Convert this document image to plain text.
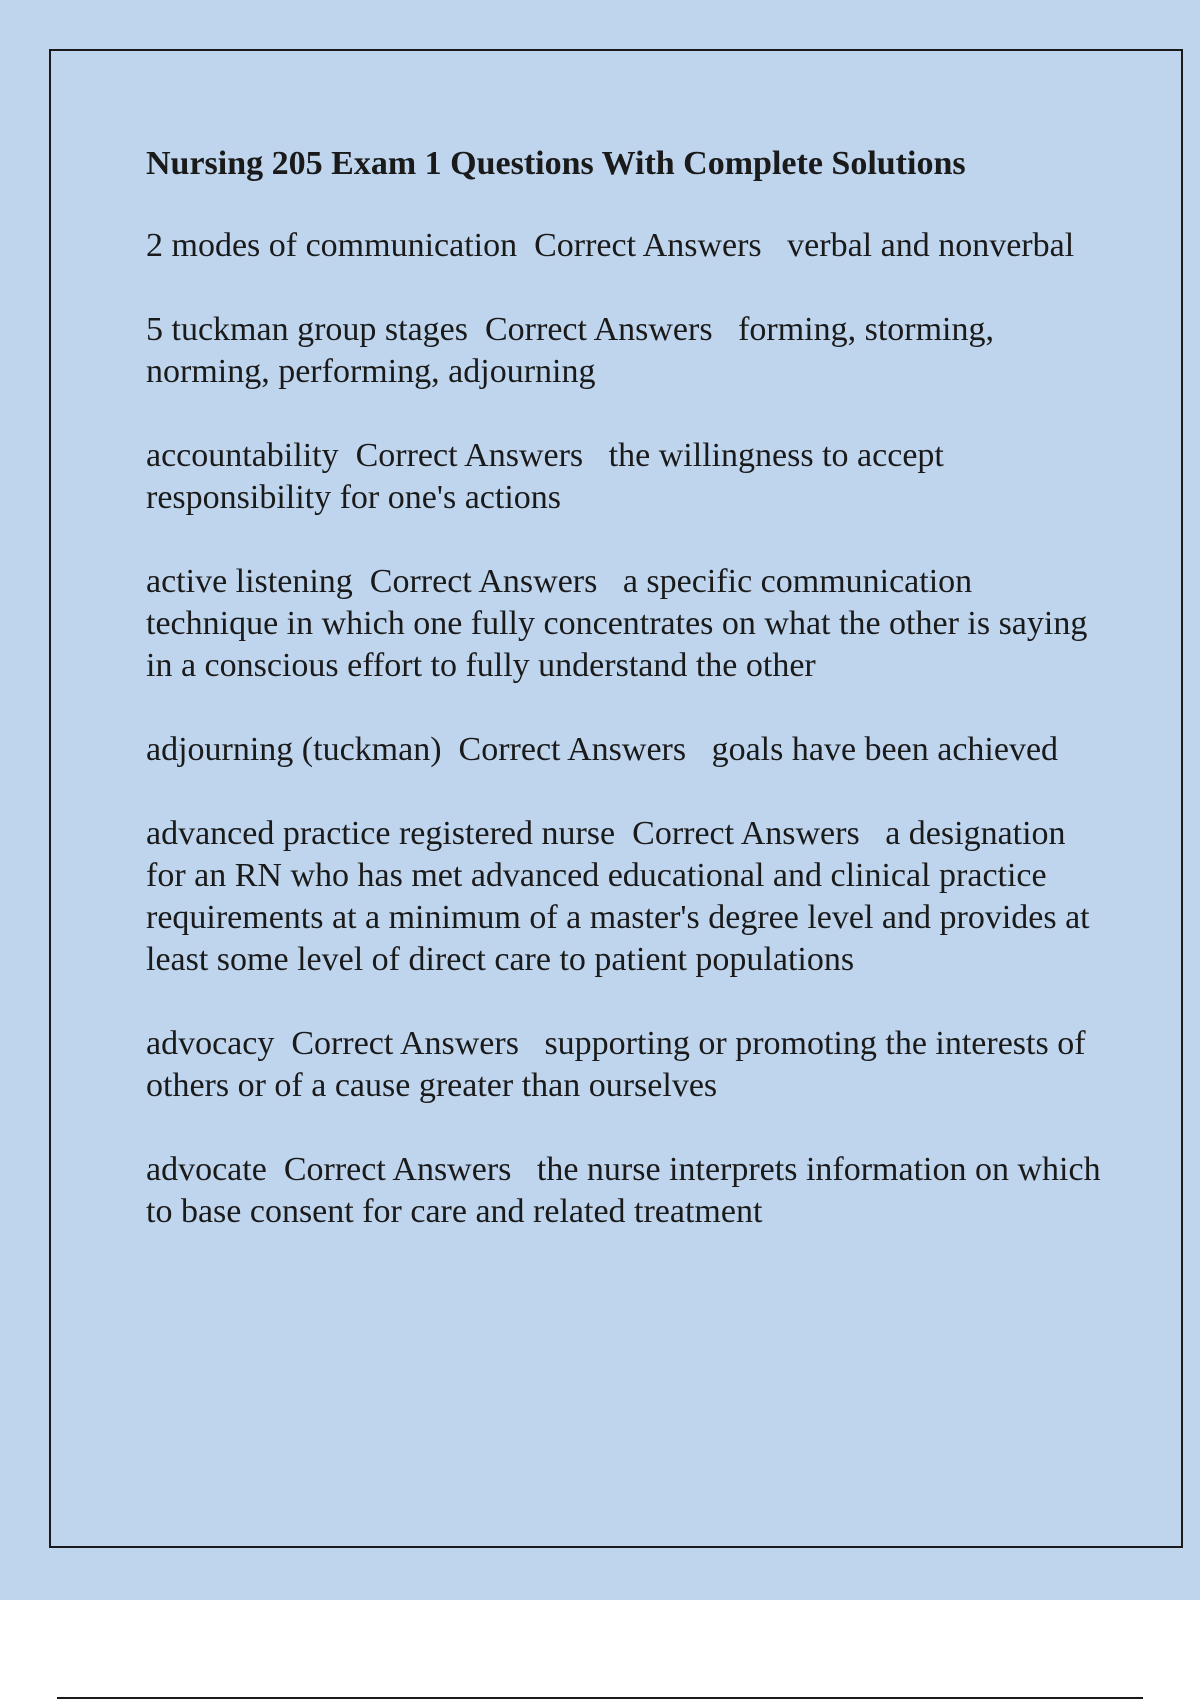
Nursing 205 Exam 1 Questions With Complete Solutions
2 modes of communication Correct Answers verbal and nonverbal
5 tuckman group stages Correct Answers forming, storming, norming, performing, adjourning
accountability Correct Answers the willingness to accept responsibility for one's actions
active listening Correct Answers a specific communication technique in which one fully concentrates on what the other is saying in a conscious effort to fully understand the other
adjourning (tuckman) Correct Answers goals have been achieved
advanced practice registered nurse Correct Answers a designation for an RN who has met advanced educational and clinical practice requirements at a minimum of a master's degree level and provides at least some level of direct care to patient populations
advocacy Correct Answers supporting or promoting the interests of others or of a cause greater than ourselves
advocate Correct Answers the nurse interprets information on which to base consent for care and related treatment
